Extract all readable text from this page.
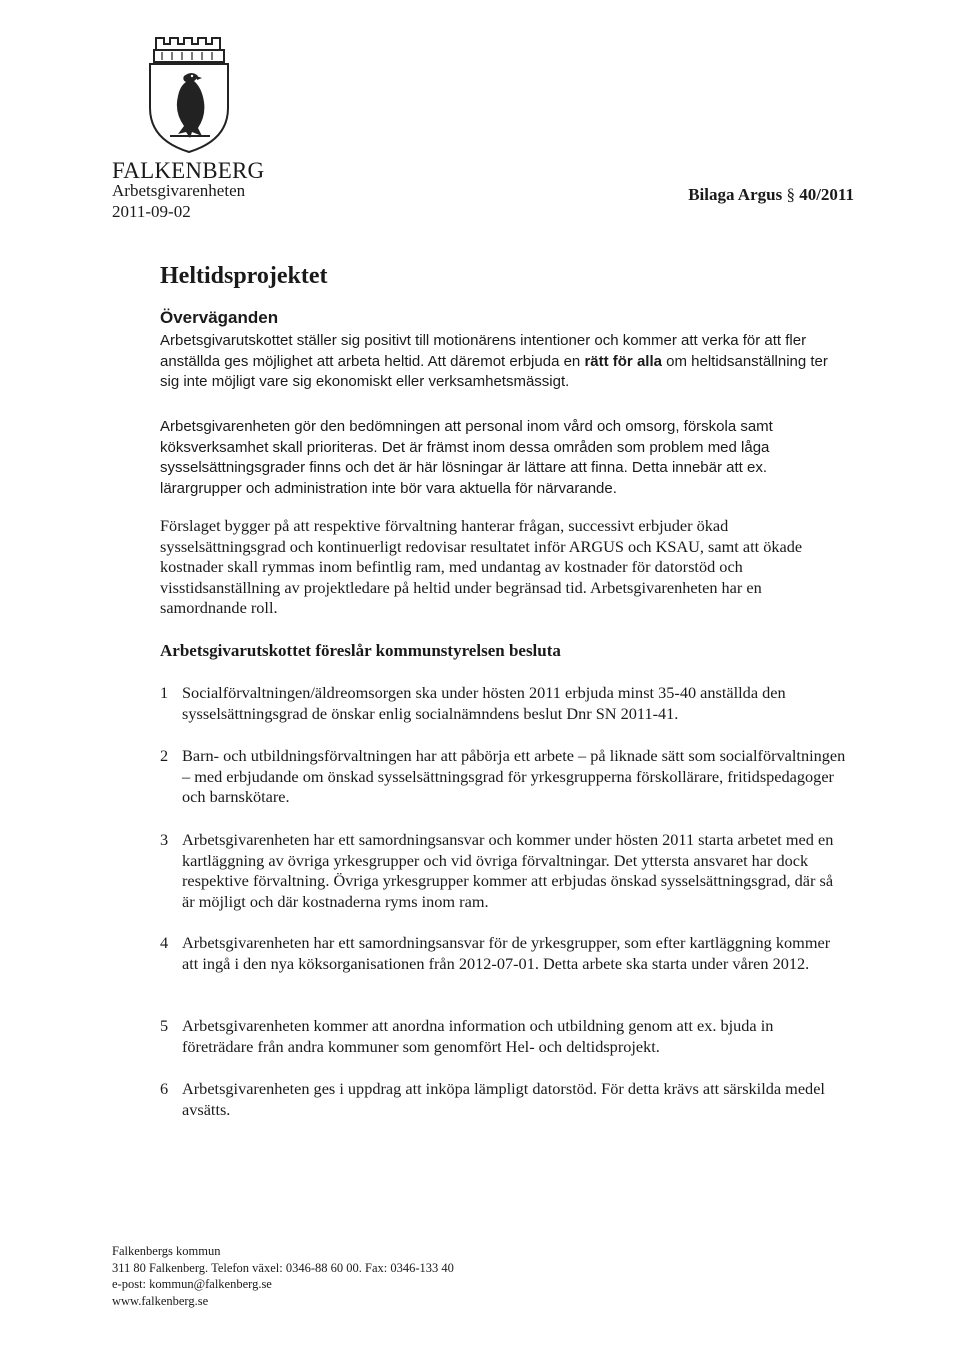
FALKENBERG
Arbetsgivarenheten
2011-09-02
Bilaga Argus § 40/2011
Heltidsprojektet
Överväganden
Arbetsgivarutskottet ställer sig positivt till motionärens intentioner och kommer att verka för att fler anställda ges möjlighet att arbeta heltid. Att däremot erbjuda en rätt för alla om heltidsanställning ter sig inte möjligt vare sig ekonomiskt eller verksamhetsmässigt.
Arbetsgivarenheten gör den bedömningen att personal inom vård och omsorg, förskola samt köksverksamhet skall prioriteras. Det är främst inom dessa områden som problem med låga sysselsättningsgrader finns och det är här lösningar är lättare att finna. Detta innebär att ex. lärargrupper och administration inte bör vara aktuella för närvarande.
Förslaget bygger på att respektive förvaltning hanterar frågan, successivt erbjuder ökad sysselsättningsgrad och kontinuerligt redovisar resultatet inför ARGUS och KSAU, samt att ökade kostnader skall rymmas inom befintlig ram, med undantag av kostnader för datorstöd och visstidsanställning av projektledare på heltid under begränsad tid. Arbetsgivarenheten har en samordnande roll.
Arbetsgivarutskottet föreslår kommunstyrelsen besluta
1 Socialförvaltningen/äldreomsorgen ska under hösten 2011 erbjuda minst 35-40 anställda den sysselsättningsgrad de önskar enlig socialnämndens beslut Dnr SN 2011-41.
2 Barn- och utbildningsförvaltningen har att påbörja ett arbete – på liknade sätt som socialförvaltningen – med erbjudande om önskad sysselsättningsgrad för yrkesgrupperna förskollärare, fritidspedagoger och barnskötare.
3 Arbetsgivarenheten har ett samordningsansvar och kommer under hösten 2011 starta arbetet med en kartläggning av övriga yrkesgrupper och vid övriga förvaltningar. Det yttersta ansvaret har dock respektive förvaltning. Övriga yrkesgrupper kommer att erbjudas önskad sysselsättningsgrad, där så är möjligt och där kostnaderna ryms inom ram.
4 Arbetsgivarenheten har ett samordningsansvar för de yrkesgrupper, som efter kartläggning kommer att ingå i den nya köksorganisationen från 2012-07-01. Detta arbete ska starta under våren 2012.
5 Arbetsgivarenheten kommer att anordna information och utbildning genom att ex. bjuda in företrädare från andra kommuner som genomfört Hel- och deltidsprojekt.
6 Arbetsgivarenheten ges i uppdrag att inköpa lämpligt datorstöd. För detta krävs att särskilda medel avsätts.
Falkenbergs kommun
311 80 Falkenberg. Telefon växel: 0346-88 60 00. Fax: 0346-133 40
e-post: kommun@falkenberg.se
www.falkenberg.se
